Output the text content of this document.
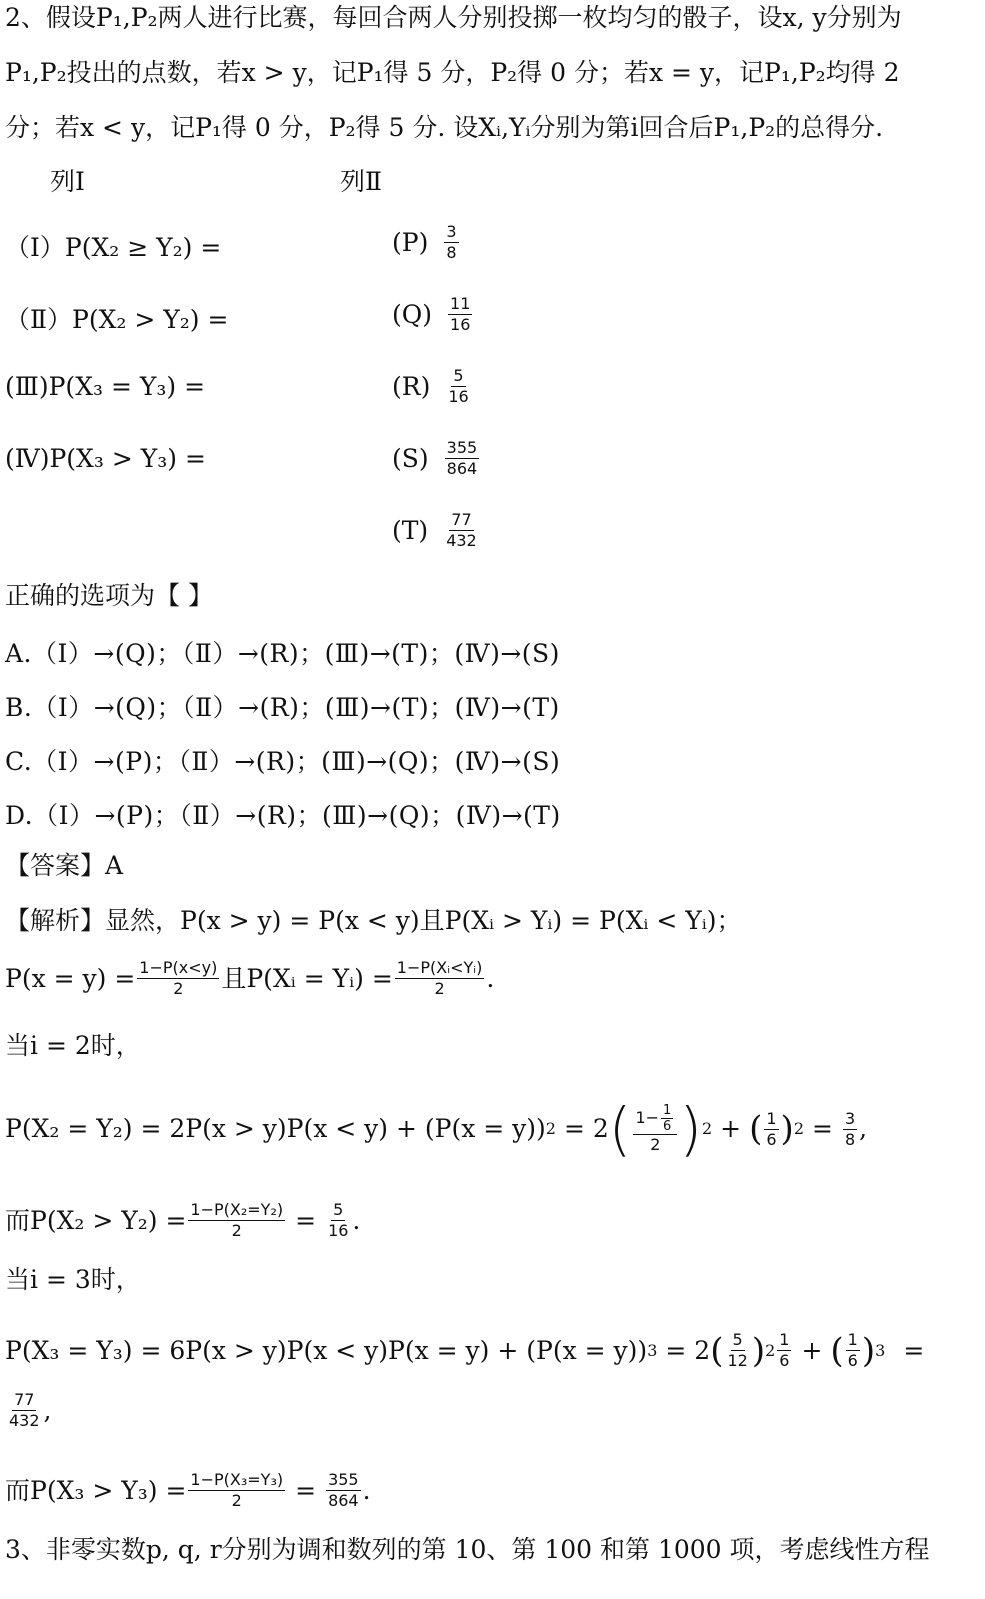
2、假设P₁,P₂两人进行比赛，每回合两人分别投掷一枚均匀的骰子，设x, y分别为
P₁,P₂投出的点数，若x > y，记P₁得 5 分，P₂得 0 分；若x = y，记P₁,P₂均得 2
分；若x < y，记P₁得 0 分，P₂得 5 分. 设Xᵢ,Yᵢ分别为第i回合后P₁,P₂的总得分.
列Ⅰ	列Ⅱ
（Ⅰ）P(X₂ ≥ Y₂) =
（Ⅱ）P(X₂ > Y₂) =
(Ⅲ)P(X₃ = Y₃) =
(Ⅳ)P(X₃ > Y₃) =
$(P) \frac{3}{8}$
$(Q) \frac{11}{16}$
$(R) \frac{5}{16}$
$(S) \frac{355}{864}$
$(T) \frac{77}{432}$
正确的选项为【 】
A.（Ⅰ）→(Q)；（Ⅱ）→(R)；(Ⅲ)→(T)；(Ⅳ)→(S)
B.（Ⅰ）→(Q)；（Ⅱ）→(R)；(Ⅲ)→(T)；(Ⅳ)→(T)
C.（Ⅰ）→(P)；（Ⅱ）→(R)；(Ⅲ)→(Q)；(Ⅳ)→(S)
D.（Ⅰ）→(P)；（Ⅱ）→(R)；(Ⅲ)→(Q)；(Ⅳ)→(T)
【答案】A
【解析】显然，P(x > y) = P(x < y)且P(Xᵢ > Yᵢ) = P(Xᵢ < Yᵢ)；
$P(x = y) = \frac{1-P(x<y)}{2}$ 且P(Xᵢ = Yᵢ) = $\frac{\text{1−P(Xᵢ<Yᵢ)}}{2}$ .
当i = 2时，
P(X₂ = Y₂) = 2P(x > y)P(x < y) + (P(x = y)) 2 = 2 ( $\frac{1- \frac{1}{6}}{2}$ ) 2 + ( $\frac{1}{6}$ ) $2 = \frac{3}{8}$ ,
而$P(X_2 > Y_2) = \frac{\text{1−P(X₂=Y₂)}}{2} = \frac{5}{16}$ .
当i = 3时，
P(X₃ = Y₃) = 6P(x > y)P(x < y)P(x = y) + (P(x = y)) 3 = 2 ( $\frac{5}{12}$ ) $2 \frac{1}{6}$ + ( $\frac{1}{6}$ ) 3 =
$\frac{77}{432}$ ,
而$P(X_3 > Y_3) = \frac{\text{1−P(X₃=Y₃)}}{2} = \frac{355}{864}$ .
3、非零实数p, q, r分别为调和数列的第 10、第 100 和第 1000 项，考虑线性方程
